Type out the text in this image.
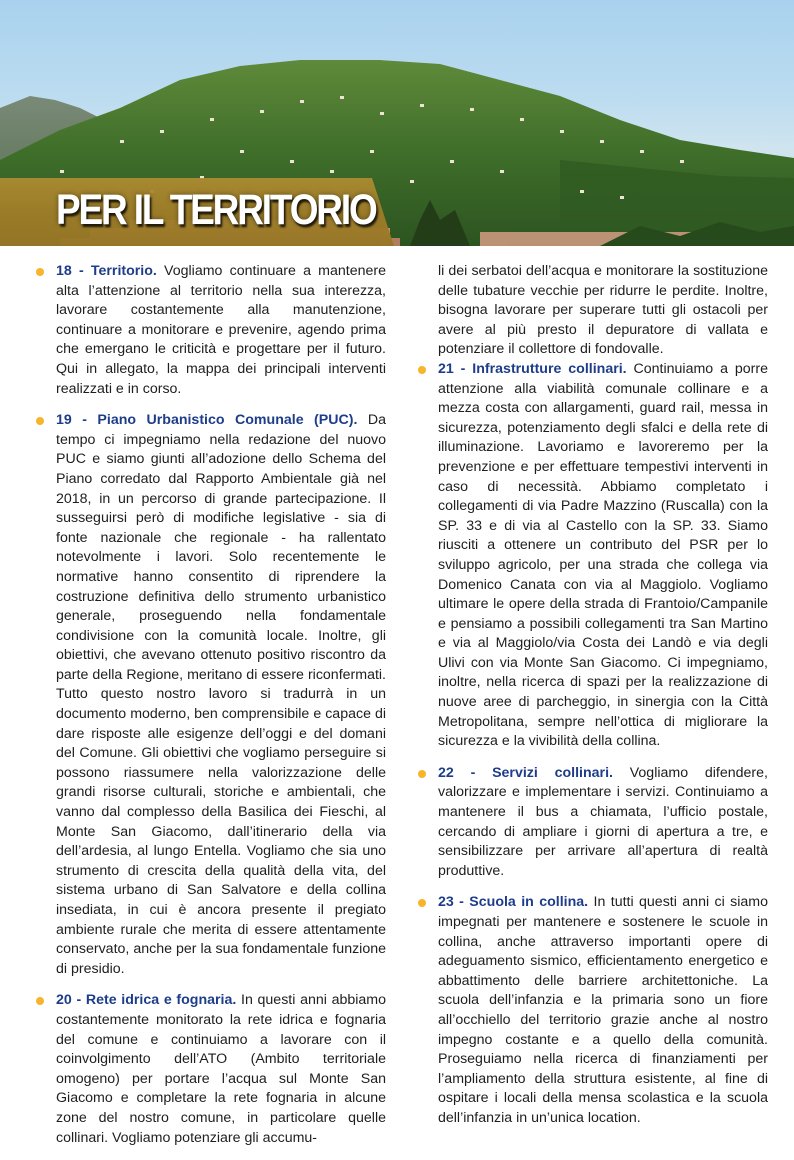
PER IL TERRITORIO

18 - Territorio. Vogliamo continuare a mantenere alta l’attenzione al territorio nella sua interezza, lavorare costantemente alla manutenzione, continuare a monitorare e prevenire, agendo prima che emergano le criticità e progettare per il futuro. Qui in allegato, la mappa dei principali interventi realizzati e in corso.

19 - Piano Urbanistico Comunale (PUC). Da tempo ci impegniamo nella redazione del nuovo PUC e siamo giunti all’adozione dello Schema del Piano corredato dal Rapporto Ambientale già nel 2018, in un percorso di grande partecipazione. Il susseguirsi però di modifiche legislative - sia di fonte nazionale che regionale - ha rallentato notevolmente i lavori. Solo recentemente le normative hanno consentito di riprendere la costruzione definitiva dello strumento urbanistico generale, proseguendo nella fondamentale condivisione con la comunità locale. Inoltre, gli obiettivi, che avevano ottenuto positivo riscontro da parte della Regione, meritano di essere riconfermati. Tutto questo nostro lavoro si tradurrà in un documento moderno, ben comprensibile e capace di dare risposte alle esigenze dell’oggi e del domani del Comune. Gli obiettivi che vogliamo perseguire si possono riassumere nella valorizzazione delle grandi risorse culturali, storiche e ambientali, che vanno dal complesso della Basilica dei Fieschi, al Monte San Giacomo, dall’itinerario della via dell’ardesia, al lungo Entella. Vogliamo che sia uno strumento di crescita della qualità della vita, del sistema urbano di San Salvatore e della collina insediata, in cui è ancora presente il pregiato ambiente rurale che merita di essere attentamente conservato, anche per la sua fondamentale funzione di presidio.

20 - Rete idrica e fognaria. In questi anni abbiamo costantemente monitorato la rete idrica e fognaria del comune e continuiamo a lavorare con il coinvolgimento dell’ATO (Ambito territoriale omogeno) per portare l’acqua sul Monte San Giacomo e completare la rete fognaria in alcune zone del nostro comune, in particolare quelle collinari. Vogliamo potenziare gli accumu-

li dei serbatoi dell’acqua e monitorare la sostituzione delle tubature vecchie per ridurre le perdite. Inoltre, bisogna lavorare per superare tutti gli ostacoli per avere al più presto il depuratore di vallata e potenziare il collettore di fondovalle.

21 - Infrastrutture collinari. Continuiamo a porre attenzione alla viabilità comunale collinare e a mezza costa con allargamenti, guard rail, messa in sicurezza, potenziamento degli sfalci e della rete di illuminazione. Lavoriamo e lavoreremo per la prevenzione e per effettuare tempestivi interventi in caso di necessità. Abbiamo completato i collegamenti di via Padre Mazzino (Ruscalla) con la SP. 33 e di via al Castello con la SP. 33. Siamo riusciti a ottenere un contributo del PSR per lo sviluppo agricolo, per una strada che collega via Domenico Canata con via al Maggiolo. Vogliamo ultimare le opere della strada di Frantoio/Campanile e pensiamo a possibili collegamenti tra San Martino e via al Maggiolo/via Costa dei Landò e via degli Ulivi con via Monte San Giacomo. Ci impegniamo, inoltre, nella ricerca di spazi per la realizzazione di nuove aree di parcheggio, in sinergia con la Città Metropolitana, sempre nell’ottica di migliorare la sicurezza e la vivibilità della collina.

22 - Servizi collinari. Vogliamo difendere, valorizzare e implementare i servizi. Continuiamo a mantenere il bus a chiamata, l’ufficio postale, cercando di ampliare i giorni di apertura a tre, e sensibilizzare per arrivare all’apertura di realtà produttive.

23 - Scuola in collina. In tutti questi anni ci siamo impegnati per mantenere e sostenere le scuole in collina, anche attraverso importanti opere di adeguamento sismico, efficientamento energetico e abbattimento delle barriere architettoniche. La scuola dell’infanzia e la primaria sono un fiore all’occhiello del territorio grazie anche al nostro impegno costante e a quello della comunità. Proseguiamo nella ricerca di finanziamenti per l’ampliamento della struttura esistente, al fine di ospitare i locali della mensa scolastica e la scuola dell’infanzia in un’unica location.
